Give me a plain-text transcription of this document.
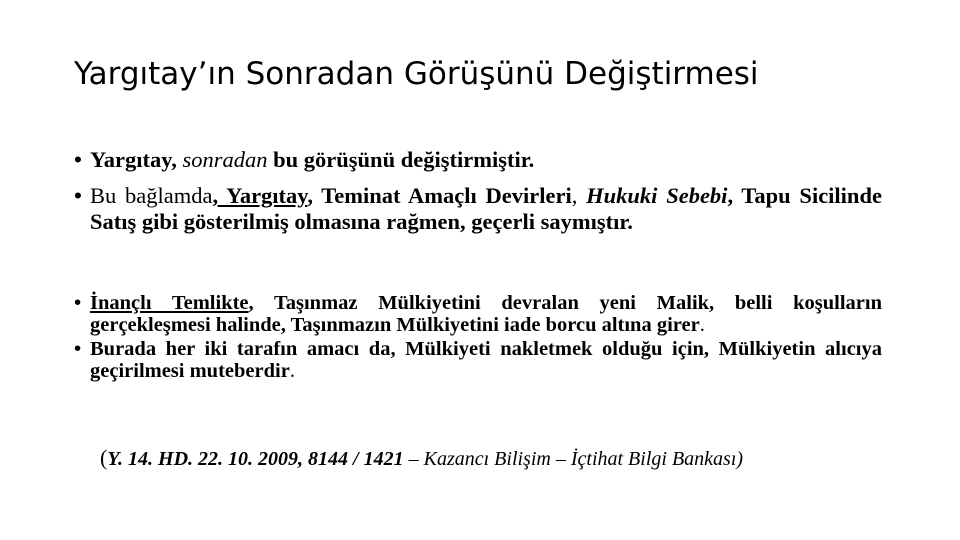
Yargıtay’ın Sonradan Görüşünü Değiştirmesi
• Yargıtay, sonradan bu görüşünü değiştirmiştir.
• Bu bağlamda, Yargıtay, Teminat Amaçlı Devirleri, Hukuki Sebebi, Tapu Sicilinde Satış gibi gösterilmiş olmasına rağmen, geçerli saymıştır.
• İnançlı Temlikte, Taşınmaz Mülkiyetini devralan yeni Malik, belli koşulların gerçekleşmesi halinde, Taşınmazın Mülkiyetini iade borcu altına girer.
• Burada her iki tarafın amacı da, Mülkiyeti nakletmek olduğu için, Mülkiyetin alıcıya geçirilmesi muteberdir.
(Y. 14. HD. 22. 10. 2009, 8144 / 1421 – Kazancı Bilişim – İçtihat Bilgi Bankası)
